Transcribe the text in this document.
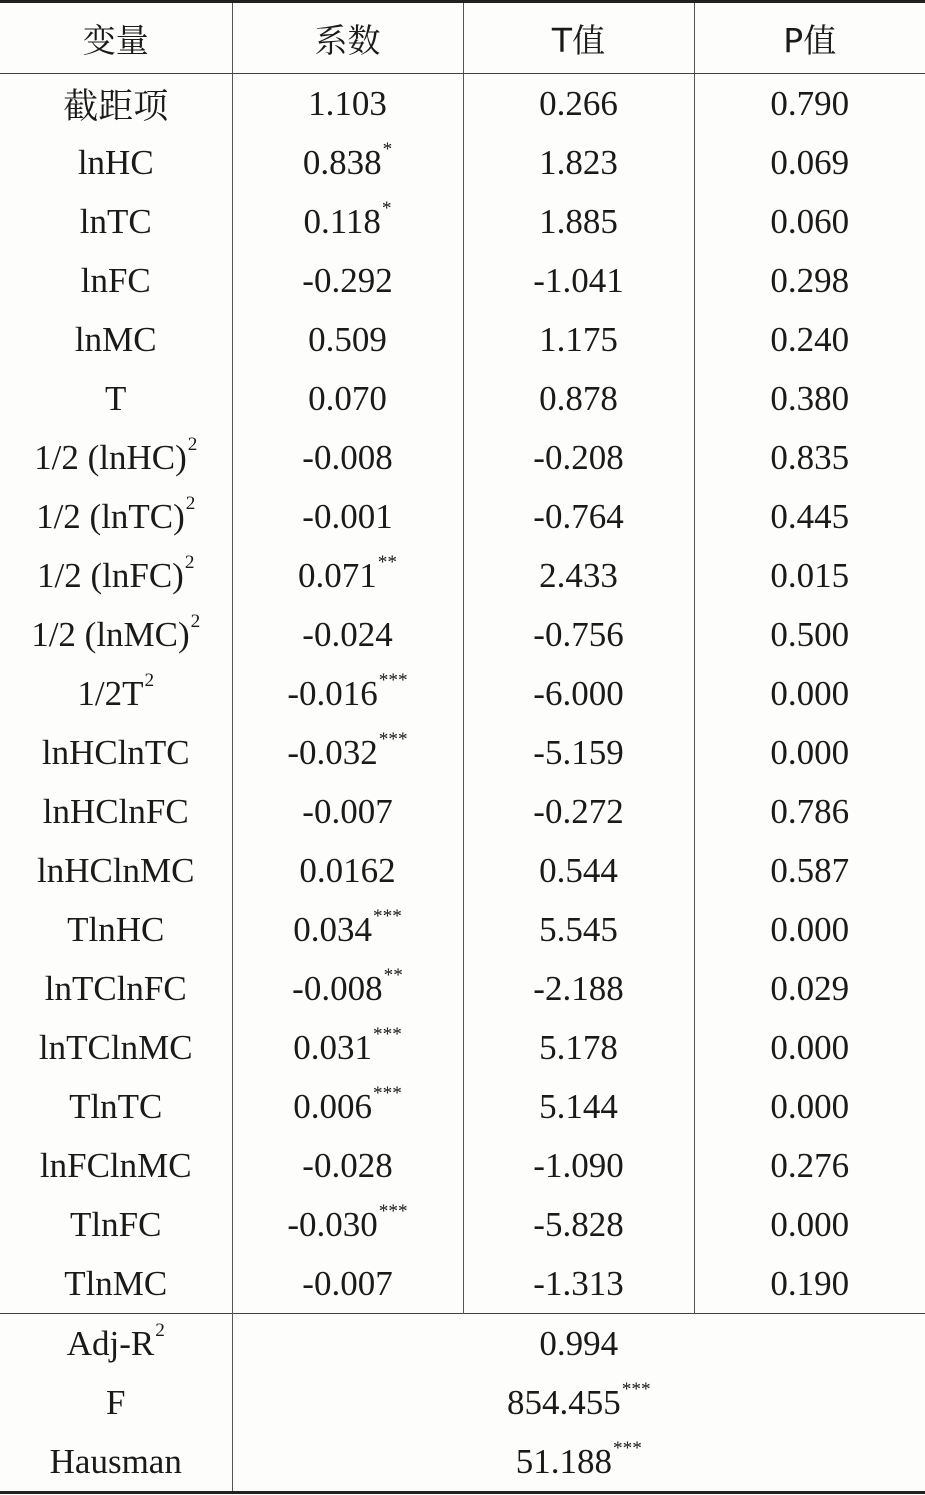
变量	系数	T值	P值
截距项	1.103	0.266	0.790
lnHC	0.838*	1.823	0.069
lnTC	0.118*	1.885	0.060
lnFC	-0.292	-1.041	0.298
lnMC	0.509	1.175	0.240
T	0.070	0.878	0.380
1/2 (lnHC)$^2$	-0.008	-0.208	0.835
1/2 (lnTC)$^2$	-0.001	-0.764	0.445
1/2 (lnFC)$^2$	0.071**	2.433	0.015
1/2 (lnMC)$^2$	-0.024	-0.756	0.500
$1/2T^2$	-0.016***	-6.000	0.000
lnHClnTC	-0.032***	-5.159	0.000
lnHClnFC	-0.007	-0.272	0.786
lnHClnMC	0.0162	0.544	0.587
TlnHC	0.034***	5.545	0.000
lnTClnFC	-0.008**	-2.188	0.029
lnTClnMC	0.031***	5.178	0.000
TlnTC	0.006***	5.144	0.000
lnFClnMC	-0.028	-1.090	0.276
TlnFC	-0.030***	-5.828	0.000
TlnMC	-0.007	-1.313	0.190
Adj-$R^2$	0.994		
F	854.455***
Hausman	51.188***
